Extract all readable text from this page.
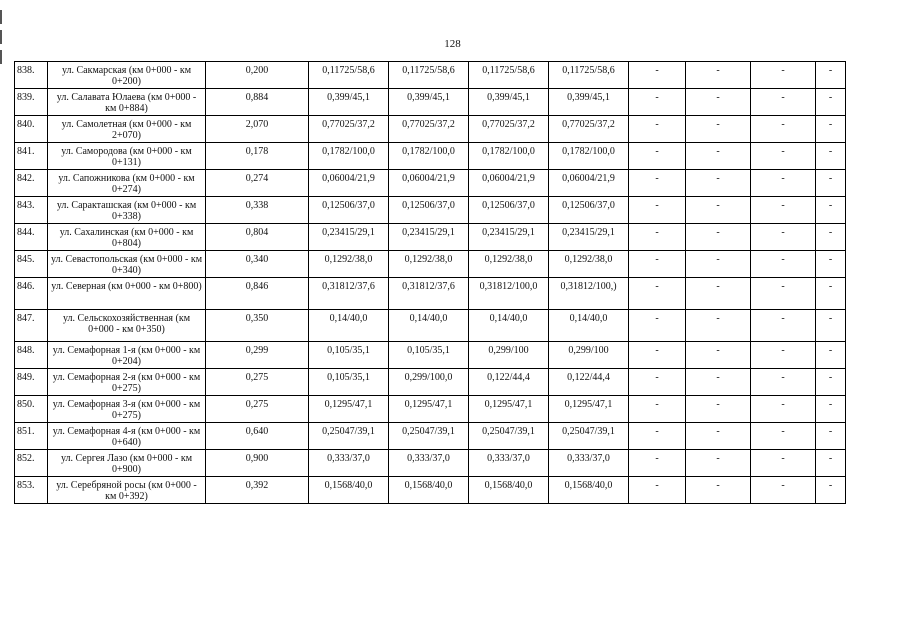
128
838.	ул. Сакмарская (км 0+000 - км 0+200)	0,200	0,11725/58,6	0,11725/58,6	0,11725/58,6	0,11725/58,6	-	-	-	-
839.	ул. Салавата Юлаева (км 0+000 - км 0+884)	0,884	0,399/45,1	0,399/45,1	0,399/45,1	0,399/45,1	-	-	-	-
840.	ул. Самолетная (км 0+000 - км 2+070)	2,070	0,77025/37,2	0,77025/37,2	0,77025/37,2	0,77025/37,2	-	-	-	-
841.	ул. Самородова (км 0+000 - км 0+131)	0,178	0,1782/100,0	0,1782/100,0	0,1782/100,0	0,1782/100,0	-	-	-	-
842.	ул. Сапожникова (км 0+000 - км 0+274)	0,274	0,06004/21,9	0,06004/21,9	0,06004/21,9	0,06004/21,9	-	-	-	-
843.	ул. Саракташская (км 0+000 - км 0+338)	0,338	0,12506/37,0	0,12506/37,0	0,12506/37,0	0,12506/37,0	-	-	-	-
844.	ул. Сахалинская (км 0+000 - км 0+804)	0,804	0,23415/29,1	0,23415/29,1	0,23415/29,1	0,23415/29,1	-	-	-	-
845.	ул. Севастопольская (км 0+000 - км 0+340)	0,340	0,1292/38,0	0,1292/38,0	0,1292/38,0	0,1292/38,0	-	-	-	-
846.	ул. Северная (км 0+000 - км 0+800)	0,846	0,31812/37,6	0,31812/37,6	0,31812/100,0	0,31812/100,)	-	-	-	-
847.	ул. Сельскохозяйственная (км 0+000 - км 0+350)	0,350	0,14/40,0	0,14/40,0	0,14/40,0	0,14/40,0	-	-	-	-
848.	ул. Семафорная 1-я (км 0+000 - км 0+204)	0,299	0,105/35,1	0,105/35,1	0,299/100	0,299/100	-	-	-	-
849.	ул. Семафорная 2-я (км 0+000 - км 0+275)	0,275	0,105/35,1	0,299/100,0	0,122/44,4	0,122/44,4	-	-	-	-
850.	ул. Семафорная 3-я (км 0+000 - км 0+275)	0,275	0,1295/47,1	0,1295/47,1	0,1295/47,1	0,1295/47,1	-	-	-	-
851.	ул. Семафорная 4-я (км 0+000 - км 0+640)	0,640	0,25047/39,1	0,25047/39,1	0,25047/39,1	0,25047/39,1	-	-	-	-
852.	ул. Сергея Лазо (км 0+000 - км 0+900)	0,900	0,333/37,0	0,333/37,0	0,333/37,0	0,333/37,0	-	-	-	-
853.	ул. Серебряной росы (км 0+000 - км 0+392)	0,392	0,1568/40,0	0,1568/40,0	0,1568/40,0	0,1568/40,0	-	-	-	-
